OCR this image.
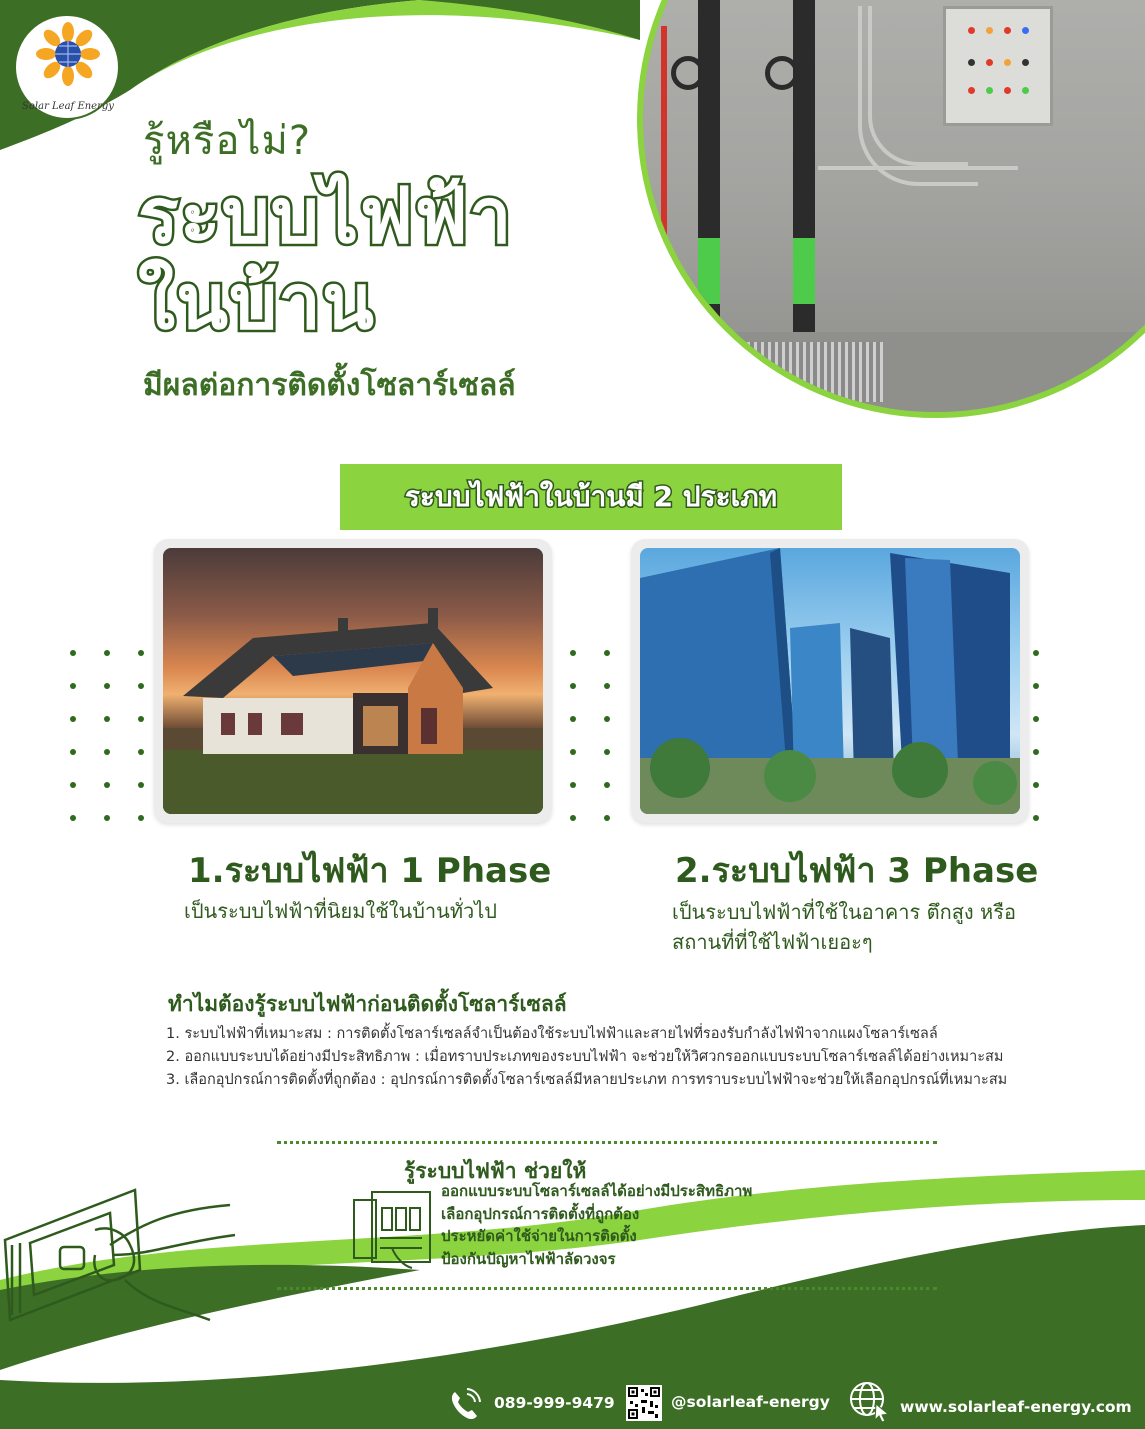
Solar Leaf Energy
รู้หรือไม่?
ระบบไฟฟ้า
ในบ้าน
มีผลต่อการติดตั้งโซลาร์เซลล์
ระบบไฟฟ้าในบ้านมี 2 ประเภท
1.ระบบไฟฟ้า 1 Phase
เป็นระบบไฟฟ้าที่นิยมใช้ในบ้านทั่วไป
2.ระบบไฟฟ้า 3 Phase
เป็นระบบไฟฟ้าที่ใช้ในอาคาร ตึกสูง หรือ
สถานที่ที่ใช้ไฟฟ้าเยอะๆ
ทำไมต้องรู้ระบบไฟฟ้าก่อนติดตั้งโซลาร์เซลล์
1. ระบบไฟฟ้าที่เหมาะสม : การติดตั้งโซลาร์เซลล์จำเป็นต้องใช้ระบบไฟฟ้าและสายไฟที่รองรับกำลังไฟฟ้าจากแผงโซลาร์เซลล์
2. ออกแบบระบบได้อย่างมีประสิทธิภาพ : เมื่อทราบประเภทของระบบไฟฟ้า จะช่วยให้วิศวกรออกแบบระบบโซลาร์เซลล์ได้อย่างเหมาะสม
3. เลือกอุปกรณ์การติดตั้งที่ถูกต้อง : อุปกรณ์การติดตั้งโซลาร์เซลล์มีหลายประเภท การทราบระบบไฟฟ้าจะช่วยให้เลือกอุปกรณ์ที่เหมาะสม
รู้ระบบไฟฟ้า ช่วยให้
ออกแบบระบบโซลาร์เซลล์ได้อย่างมีประสิทธิภาพ
เลือกอุปกรณ์การติดตั้งที่ถูกต้อง
ประหยัดค่าใช้จ่ายในการติดตั้ง
ป้องกันปัญหาไฟฟ้าลัดวงจร
089-999-9479	@solarleaf-energy	www.solarleaf-energy.com
